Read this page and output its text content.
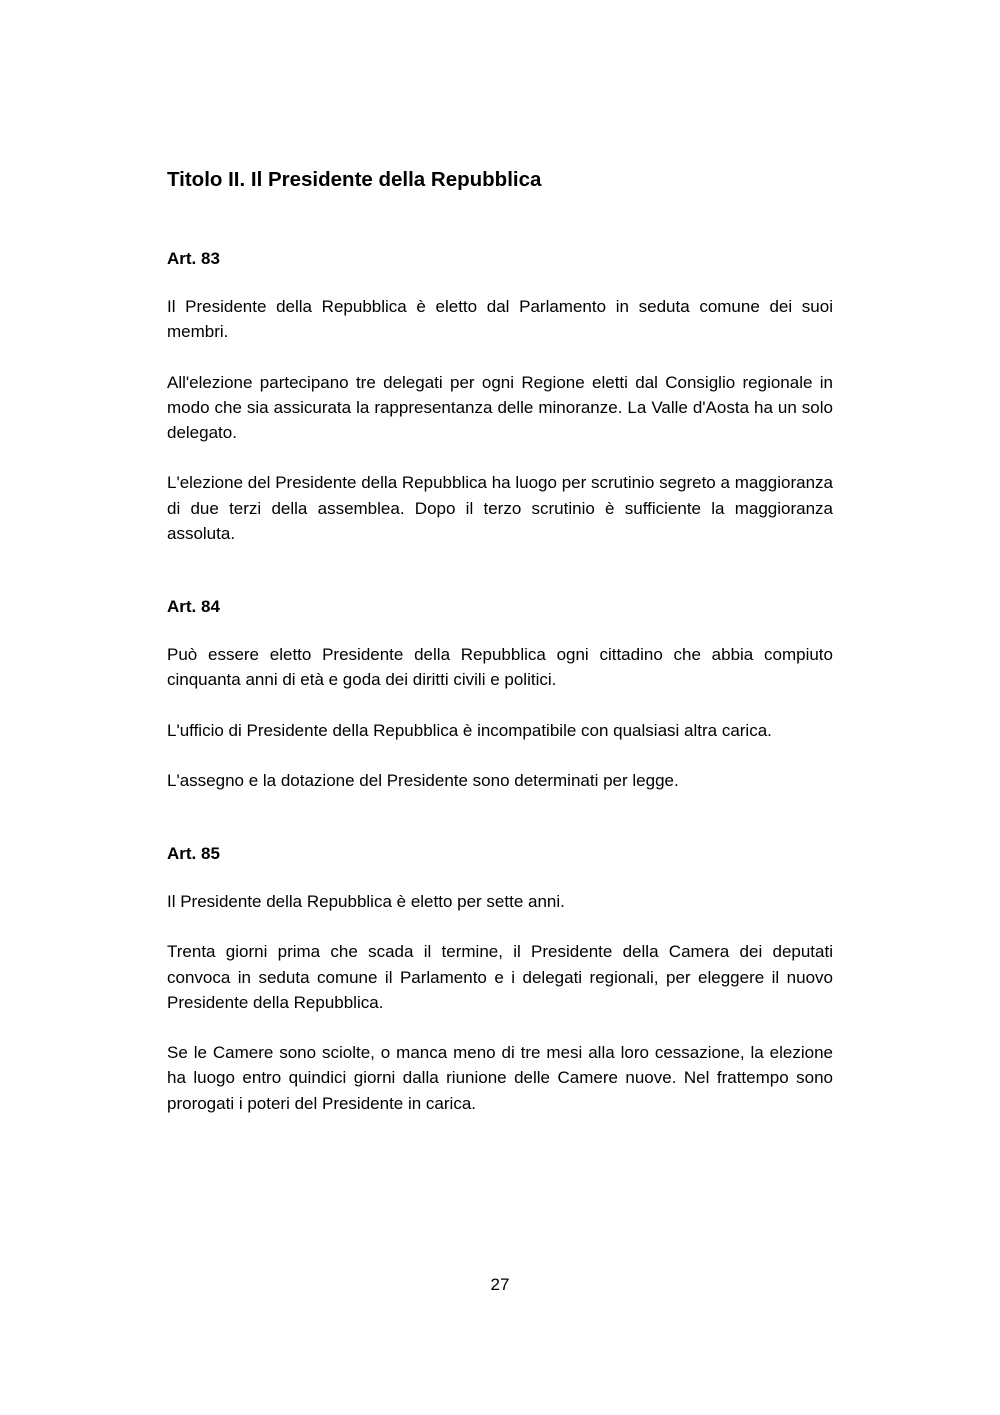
Titolo II. Il Presidente della Repubblica
Art. 83

Il Presidente della Repubblica è eletto dal Parlamento in seduta comune dei suoi membri.

All'elezione partecipano tre delegati per ogni Regione eletti dal Consiglio regionale in modo che sia assicurata la rappresentanza delle minoranze. La Valle d'Aosta ha un solo delegato.

L'elezione del Presidente della Repubblica ha luogo per scrutinio segreto a maggioranza di due terzi della assemblea. Dopo il terzo scrutinio è sufficiente la maggioranza assoluta.

Art. 84

Può essere eletto Presidente della Repubblica ogni cittadino che abbia compiuto cinquanta anni di età e goda dei diritti civili e politici.

L'ufficio di Presidente della Repubblica è incompatibile con qualsiasi altra carica.

L'assegno e la dotazione del Presidente sono determinati per legge.

Art. 85

Il Presidente della Repubblica è eletto per sette anni.

Trenta giorni prima che scada il termine, il Presidente della Camera dei deputati convoca in seduta comune il Parlamento e i delegati regionali, per eleggere il nuovo Presidente della Repubblica.

Se le Camere sono sciolte, o manca meno di tre mesi alla loro cessazione, la elezione ha luogo entro quindici giorni dalla riunione delle Camere nuove. Nel frattempo sono prorogati i poteri del Presidente in carica.

27
